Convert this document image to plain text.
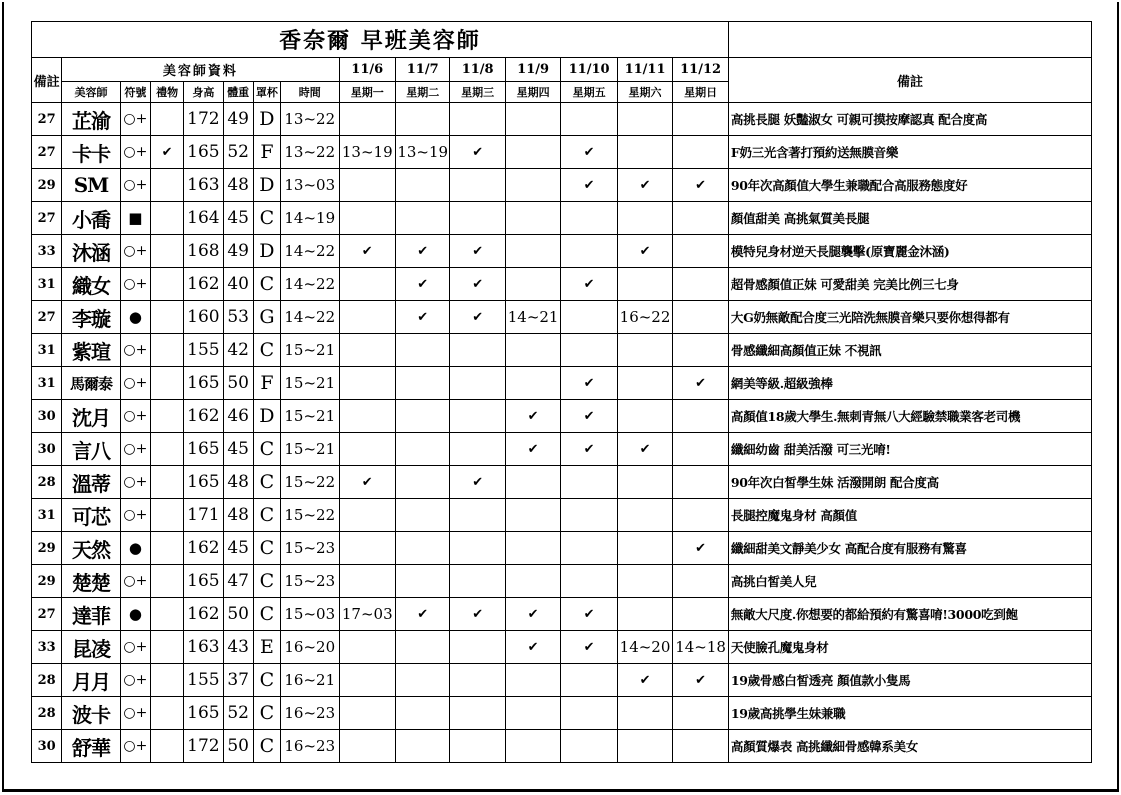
香奈爾 早班美容師															
備註	美容師資料							11/6	11/7	11/8	11/9	11/10	11/11	11/12	備註
	美容師	符號	禮物	身高	體重	罩杯	時間	星期一	星期二	星期三	星期四	星期五	星期六	星期日	
27	芷渝	○+		172	49	D	13~22								高挑長腿 妖豔淑女 可親可摸按摩認真 配合度高
27	卡卡	○+	✔	165	52	F	13~22	13~19	13~19	✔		✔			F奶三光含著打預約送無膜音樂
29	SM	○+		163	48	D	13~03					✔	✔	✔	90年次高顏值大學生兼職配合高服務態度好
27	小喬	■		164	45	C	14~19								顏值甜美 高挑氣質美長腿
33	沐涵	○+		168	49	D	14~22	✔	✔	✔			✔		模特兒身材逆天長腿襲擊(原寶麗金沐涵)
31	織女	○+		162	40	C	14~22		✔	✔		✔			超骨感顏值正妹 可愛甜美 完美比例三七身
27	李璇	●		160	53	G	14~22		✔	✔	14~21		16~22		大G奶無敵配合度三光陪洗無膜音樂只要你想得都有
31	紫瑄	○+		155	42	C	15~21								骨感纖細高顏值正妹 不視訊
31	馬爾泰	○+		165	50	F	15~21					✔		✔	網美等級.超級強棒
30	沈月	○+		162	46	D	15~21				✔	✔			高顏值18歲大學生.無刺青無八大經驗禁職業客老司機
30	言八	○+		165	45	C	15~21				✔	✔	✔		纖細幼齒 甜美活潑 可三光唷!
28	溫蒂	○+		165	48	C	15~22	✔		✔					90年次白皙學生妹 活潑開朗 配合度高
31	可芯	○+		171	48	C	15~22								長腿控魔鬼身材 高顏值
29	天然	●		162	45	C	15~23							✔	纖細甜美文靜美少女 高配合度有服務有驚喜
29	楚楚	○+		165	47	C	15~23								高挑白皙美人兒
27	達菲	●		162	50	C	15~03	17~03	✔	✔	✔	✔			無敵大尺度.你想要的都給預約有驚喜唷!3000吃到飽
33	昆凌	○+		163	43	E	16~20				✔	✔	14~20	14~18	天使臉孔魔鬼身材
28	月月	○+		155	37	C	16~21						✔	✔	19歲骨感白皙透亮 顏值款小隻馬
28	波卡	○+		165	52	C	16~23								19歲高挑學生妹兼職
30	舒華	○+		172	50	C	16~23								高顏質爆表 高挑纖細骨感韓系美女
